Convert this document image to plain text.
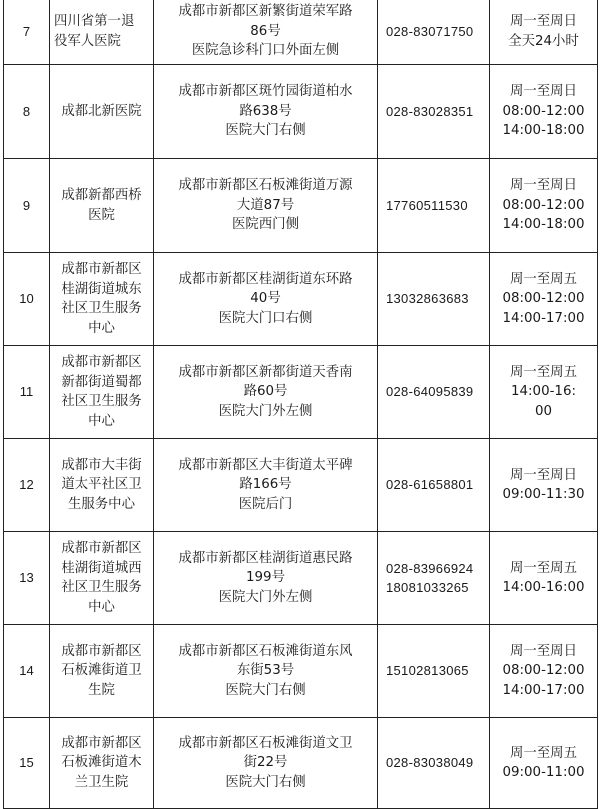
7	四川省第一退
役军人医院	成都市新都区新繁街道荣军路
86号
医院急诊科门口外面左侧	028-83071750	周一至周日
全天24小时

8	成都北新医院	成都市新都区斑竹园街道柏水
路638号
医院大门右侧	028-83028351	周一至周日
08:00-12:00
14:00-18:00

9	成都新都西桥
医院	成都市新都区石板滩街道万源
大道87号
医院西门侧	17760511530	周一至周日
08:00-12:00
14:00-18:00

10	成都市新都区
桂湖街道城东
社区卫生服务
中心	成都市新都区桂湖街道东环路
40号
医院大门口右侧	13032863683	周一至周五
08:00-12:00
14:00-17:00

11	成都市新都区
新都街道蜀都
社区卫生服务
中心	成都市新都区新都街道天香南
路60号
医院大门外左侧	028-64095839	周一至周五
14:00-16:
00

12	成都市大丰街
道太平社区卫
生服务中心	成都市新都区大丰街道太平碑
路166号
医院后门	028-61658801	周一至周日
09:00-11:30

13	成都市新都区
桂湖街道城西
社区卫生服务
中心	成都市新都区桂湖街道惠民路
199号
医院大门外左侧	028-83966924
18081033265	周一至周五
14:00-16:00

14	成都市新都区
石板滩街道卫
生院	成都市新都区石板滩街道东风
东街53号
医院大门右侧	15102813065	周一至周日
08:00-12:00
14:00-17:00

15	成都市新都区
石板滩街道木
兰卫生院	成都市新都区石板滩街道文卫
街22号
医院大门右侧	028-83038049	周一至周五
09:00-11:00
